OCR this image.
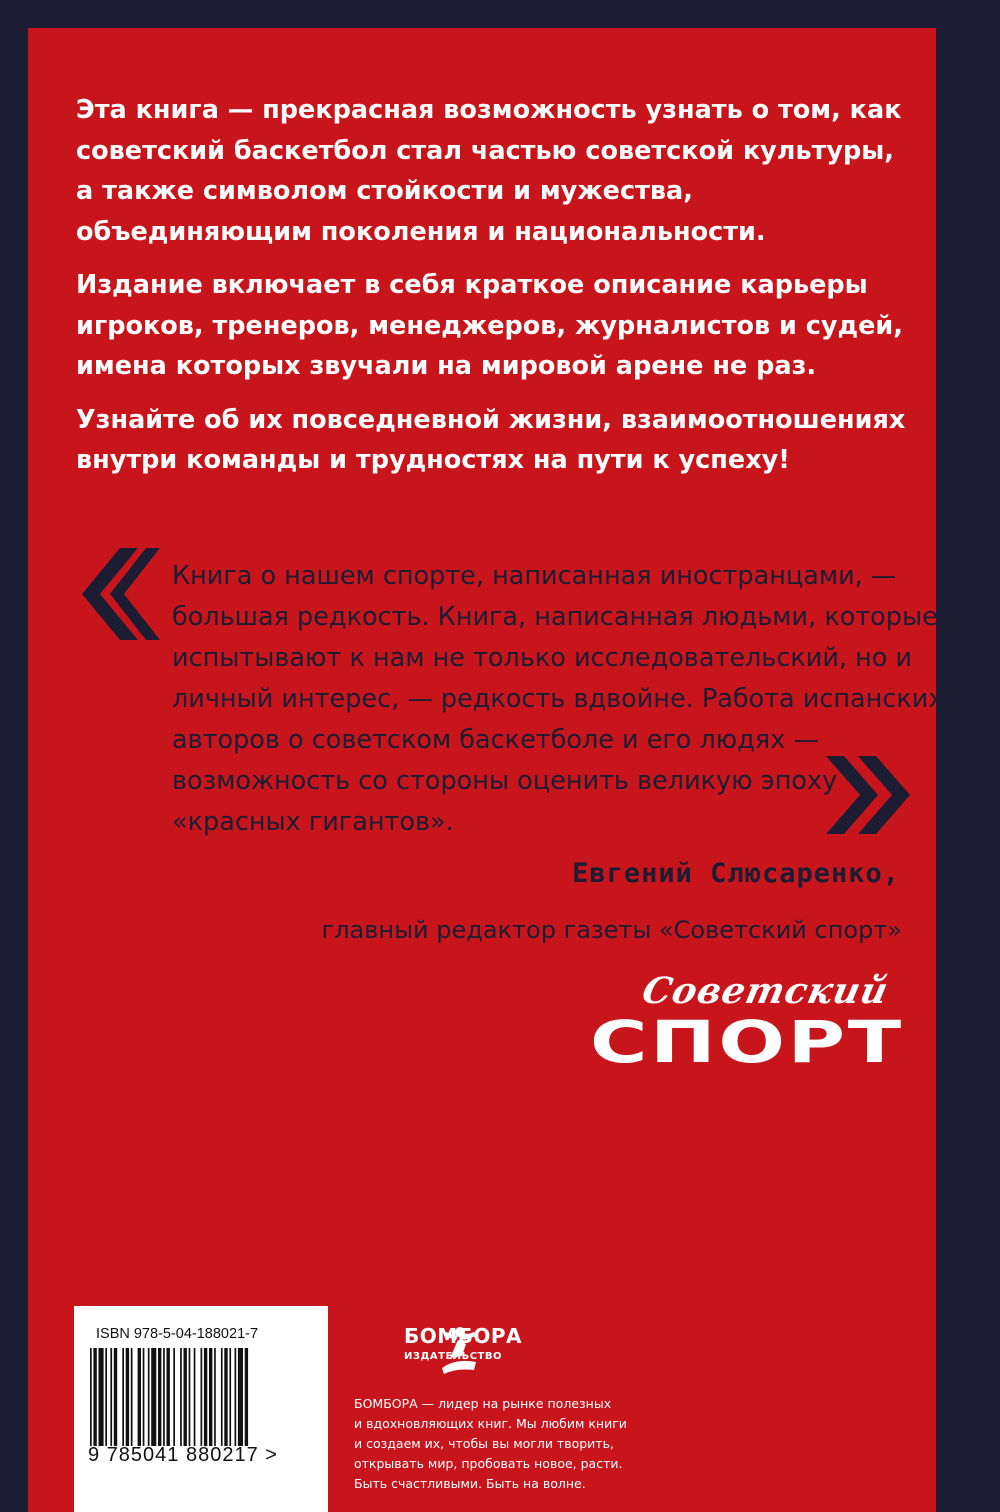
Эта книга — прекрасная возможность узнать о том, как советский баскетбол стал частью советской культуры, а также символом стойкости и мужества, объединяющим поколения и национальности.

Издание включает в себя краткое описание карьеры игроков, тренеров, менеджеров, журналистов и судей, имена которых звучали на мировой арене не раз.

Узнайте об их повседневной жизни, взаимоотношениях внутри команды и трудностях на пути к успеху!

Книга о нашем спорте, написанная иностранцами, —
большая редкость. Книга, написанная людьми, которые
испытывают к нам не только исследовательский, но и
личный интерес, — редкость вдвойне. Работа испанских
авторов о советском баскетболе и его людях —
возможность со стороны оценить великую эпоху
«красных гигантов».
Евгений Слюсаренко,
главный редактор газеты «Советский спорт»
Советский
СПОРТ
ISBN 978-5-04-188021-7
9 785041 880217 >
БОМБОРА
ИЗДАТЕЛЬСТВО
БОМБОРА — лидер на рынке полезных
и вдохновляющих книг. Мы любим книги
и создаем их, чтобы вы могли творить,
открывать мир, пробовать новое, расти.
Быть счастливыми. Быть на волне.
